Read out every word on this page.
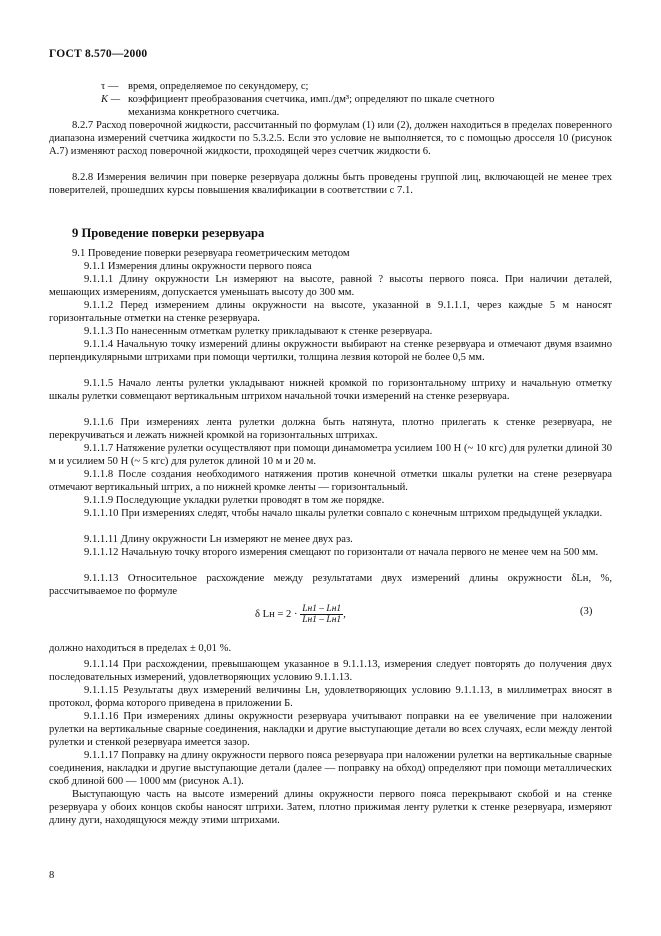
ГОСТ 8.570—2000
τ — время, определяемое по секундомеру, с;
K — коэффициент преобразования счетчика, имп./дм³; определяют по шкале счетного
механизма конкретного счетчика.

8.2.7 Расход поверочной жидкости, рассчитанный по формулам (1) или (2), должен находиться в пределах поверенного диапазона измерений счетчика жидкости по 5.3.2.5. Если это условие не выполняется, то с помощью дросселя 10 (рисунок А.7) изменяют расход поверочной жидкости, проходящей через счетчик жидкости 6.

8.2.8 Измерения величин при поверке резервуара должны быть проведены группой лиц, включающей не менее трех поверителей, прошедших курсы повышения квалификации в соответствии с 7.1.

9 Проведение поверки резервуара

9.1 Проведение поверки резервуара геометрическим методом

9.1.1 Измерения длины окружности первого пояса

9.1.1.1 Длину окружности Lн измеряют на высоте, равной ? высоты первого пояса. При наличии деталей, мешающих измерениям, допускается уменьшать высоту до 300 мм.

9.1.1.2 Перед измерением длины окружности на высоте, указанной в 9.1.1.1, через каждые 5 м наносят горизонтальные отметки на стенке резервуара.

9.1.1.3 По нанесенным отметкам рулетку прикладывают к стенке резервуара.

9.1.1.4 Начальную точку измерений длины окружности выбирают на стенке резервуара и отмечают двумя взаимно перпендикулярными штрихами при помощи чертилки, толщина лезвия которой не более 0,5 мм.

9.1.1.5 Начало ленты рулетки укладывают нижней кромкой по горизонтальному штриху и начальную отметку шкалы рулетки совмещают вертикальным штрихом начальной точки измерений на стенке резервуара.

9.1.1.6 При измерениях лента рулетки должна быть натянута, плотно прилегать к стенке резервуара, не перекручиваться и лежать нижней кромкой на горизонтальных штрихах.

9.1.1.7 Натяжение рулетки осуществляют при помощи динамометра усилием 100 Н (~ 10 кгс) для рулетки длиной 30 м и усилием 50 Н (~ 5 кгс) для рулеток длиной 10 м и 20 м.

9.1.1.8 После создания необходимого натяжения против конечной отметки шкалы рулетки на стене резервуара отмечают вертикальный штрих, а по нижней кромке ленты — горизонтальный.

9.1.1.9 Последующие укладки рулетки проводят в том же порядке.

9.1.1.10 При измерениях следят, чтобы начало шкалы рулетки совпало с конечным штрихом предыдущей укладки.

9.1.1.11 Длину окружности Lн измеряют не менее двух раз.

9.1.1.12 Начальную точку второго измерения смещают по горизонтали от начала первого не менее чем на 500 мм.

9.1.1.13 Относительное расхождение между результатами двух измерений длины окружности δLн, %, рассчитываемое по формуле

δ Lн = $2 \cdot \frac{Lн1 - Lн1}{Lн1 - Lн1}$ ,	(3)

должно находиться в пределах ± 0,01 %.

9.1.1.14 При расхождении, превышающем указанное в 9.1.1.13, измерения следует повторять до получения двух последовательных измерений, удовлетворяющих условию 9.1.1.13.

9.1.1.15 Результаты двух измерений величины Lн, удовлетворяющих условию 9.1.1.13, в миллиметрах вносят в протокол, форма которого приведена в приложении Б.

9.1.1.16 При измерениях длины окружности резервуара учитывают поправки на ее увеличение при наложении рулетки на вертикальные сварные соединения, накладки и другие выступающие детали во всех случаях, если между лентой рулетки и стенкой резервуара имеется зазор.

9.1.1.17 Поправку на длину окружности первого пояса резервуара при наложении рулетки на вертикальные сварные соединения, накладки и другие выступающие детали (далее — поправку на обход) определяют при помощи металлических скоб длиной 600 — 1000 мм (рисунок А.1).

Выступающую часть на высоте измерений длины окружности первого пояса перекрывают скобой и на стенке резервуара у обоих концов скобы наносят штрихи. Затем, плотно прижимая ленту рулетки к стенке резервуара, измеряют длину дуги, находящуюся между этими штрихами.

8
